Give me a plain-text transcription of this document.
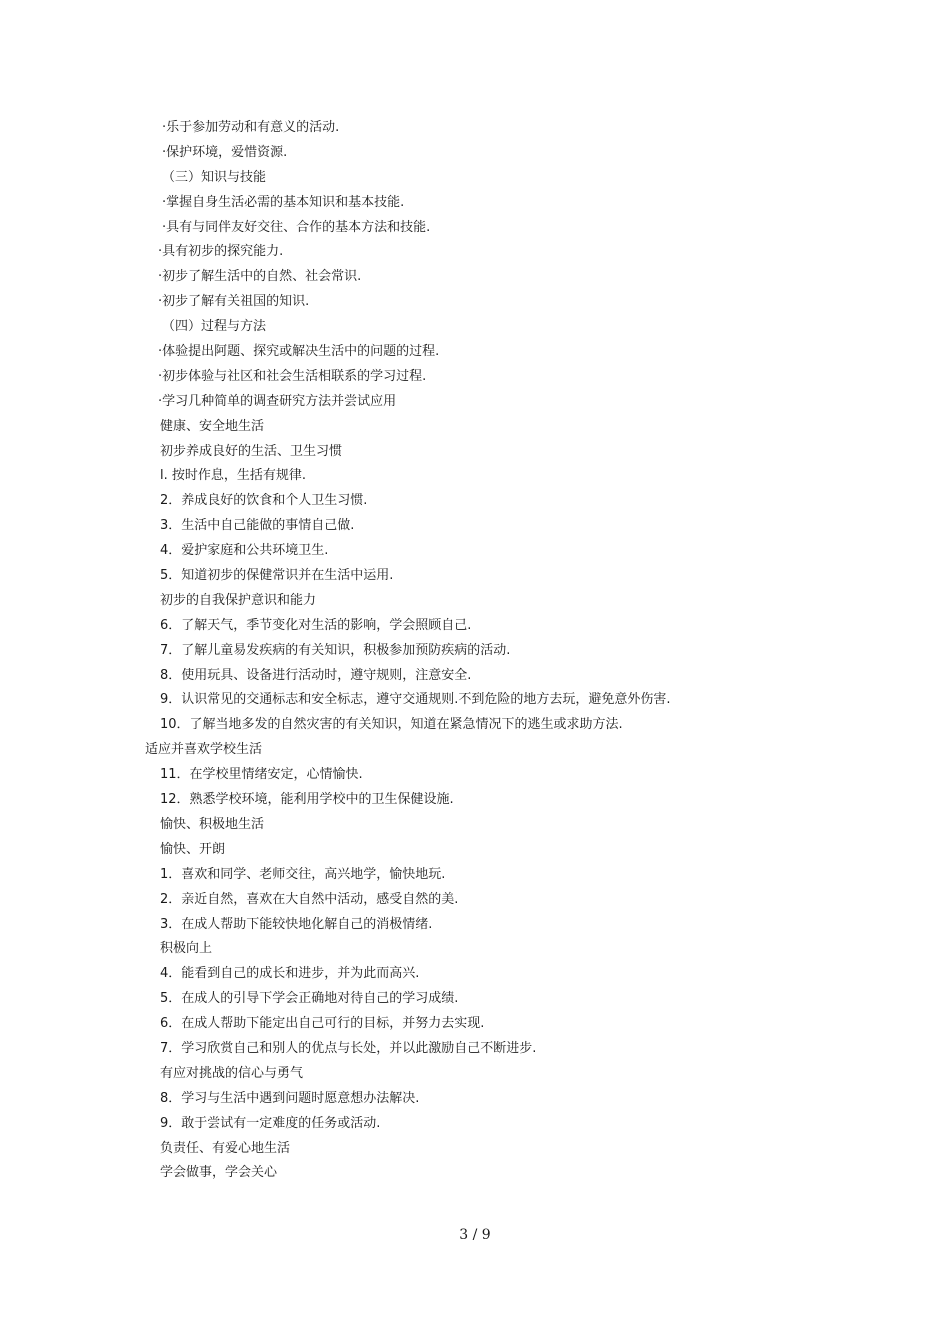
·乐于参加劳动和有意义的活动.
·保护环境，爱惜资源.
（三）知识与技能
·掌握自身生活必需的基本知识和基本技能.
·具有与同伴友好交往、合作的基本方法和技能.
·具有初步的探究能力.
·初步了解生活中的自然、社会常识.
·初步了解有关祖国的知识.
（四）过程与方法
·体验提出阿题、探究或解决生活中的问题的过程.
·初步体验与社区和社会生活相联系的学习过程.
·学习几种简单的调查研究方法并尝试应用
健康、安全地生活
初步养成良好的生活、卫生习惯
l. 按时作息，生括有规律.
2．养成良好的饮食和个人卫生习惯.
3．生活中自己能做的事情自己做.
4．爱护家庭和公共环境卫生.
5．知道初步的保健常识并在生活中运用.
初步的自我保护意识和能力
6．了解天气，季节变化对生活的影响，学会照顾自己.
7．了解儿童易发疾病的有关知识，积极参加预防疾病的活动.
8．使用玩具、设备进行活动时，遵守规则，注意安全.
9．认识常见的交通标志和安全标志，遵守交通规则.不到危险的地方去玩，避免意外伤害.
10．了解当地多发的自然灾害的有关知识，知道在紧急情况下的逃生或求助方法.
适应并喜欢学校生活
11．在学校里情绪安定，心情愉快.
12．熟悉学校环境，能利用学校中的卫生保健设施.
愉快、积极地生活
愉快、开朗
1．喜欢和同学、老师交往，高兴地学，愉快地玩.
2．亲近自然，喜欢在大自然中活动，感受自然的美.
3．在成人帮助下能较快地化解自己的消极情绪.
积极向上
4．能看到自己的成长和进步，并为此而高兴.
5．在成人的引导下学会正确地对待自己的学习成绩.
6．在成人帮助下能定出自己可行的目标，并努力去实现.
7．学习欣赏自己和别人的优点与长处，并以此激励自己不断进步.
有应对挑战的信心与勇气
8．学习与生活中遇到问题时愿意想办法解决.
9．敢于尝试有一定难度的任务或活动.
负责任、有爱心地生活
学会做事，学会关心
3 / 9
